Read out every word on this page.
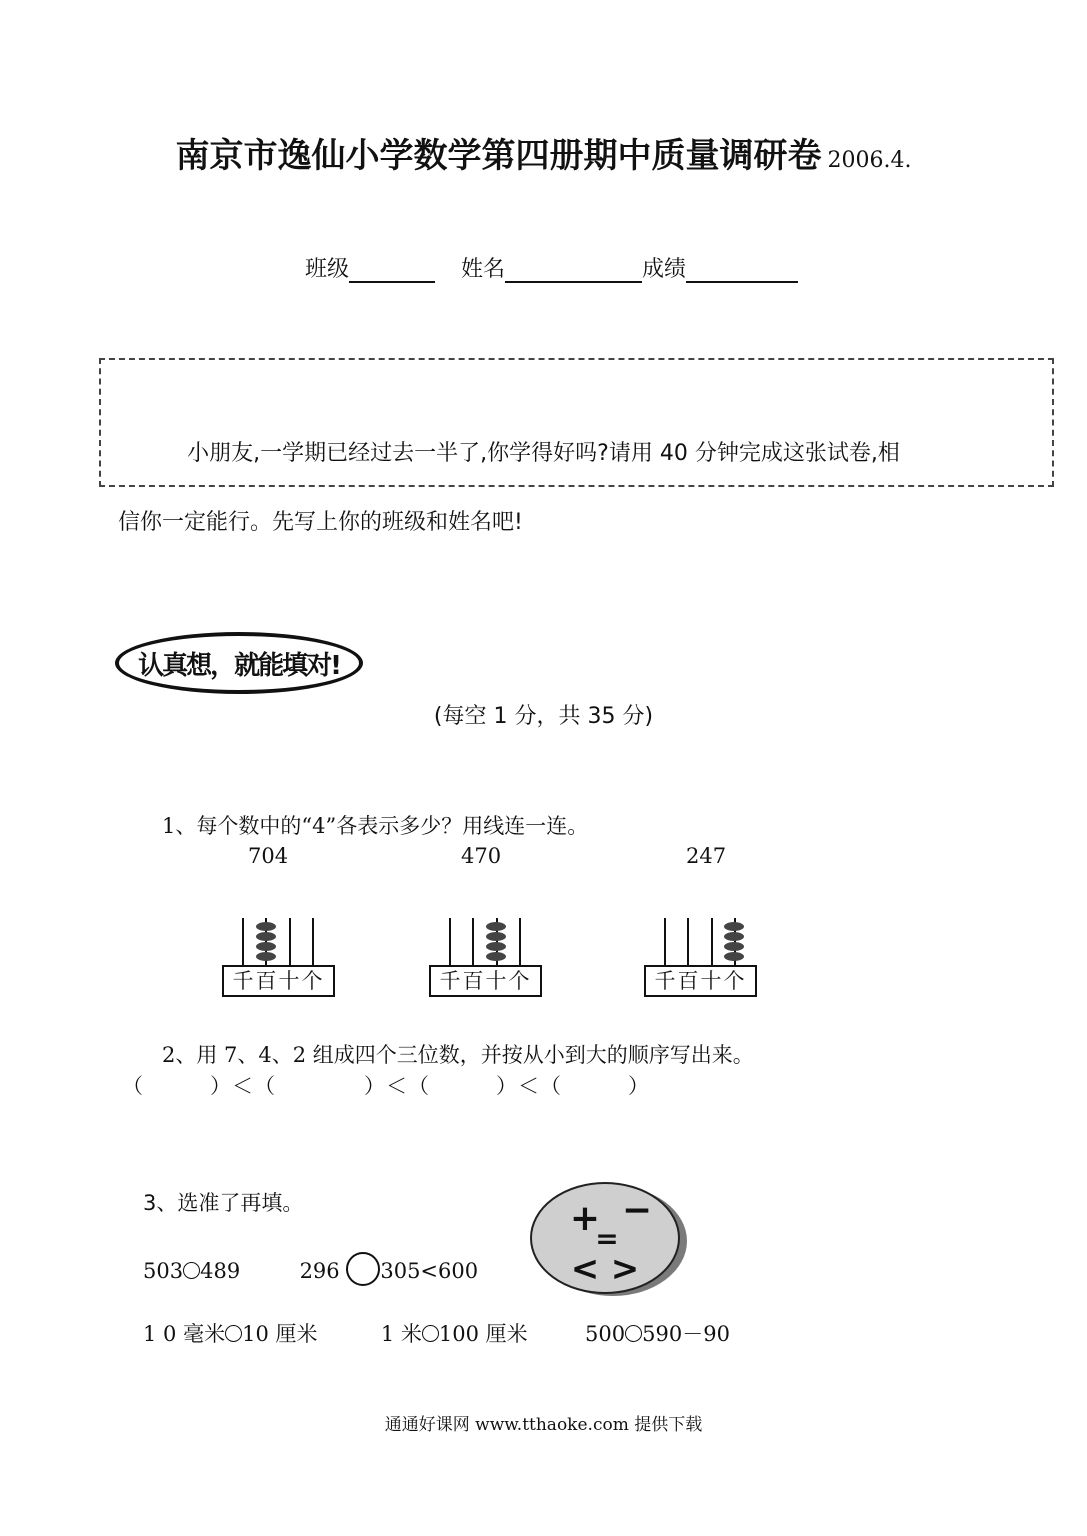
南京市逸仙小学数学第四册期中质量调研卷 2006.4.
班级	姓名	成绩
小朋友,一学期已经过去一半了,你学得好吗?请用 40 分钟完成这张试卷,相
信你一定能行。先写上你的班级和姓名吧!
认真想，就能填对!
(每空 1 分，共 35 分)
1、每个数中的“4”各表示多少？用线连一连。
704	470	247
千百十个	千百十个	千百十个
2、用 7、4、2 组成四个三位数，并按从小到大的顺序写出来。
（　　　）＜（　　　　）＜（　　　）＜（　　　）
3、选准了再填。
503 489	296 305<600
1 0 毫米 10 厘米	1 米 100 厘米	500 590－90
+
=
−
< >
通通好课网 www.tthaoke.com 提供下载
